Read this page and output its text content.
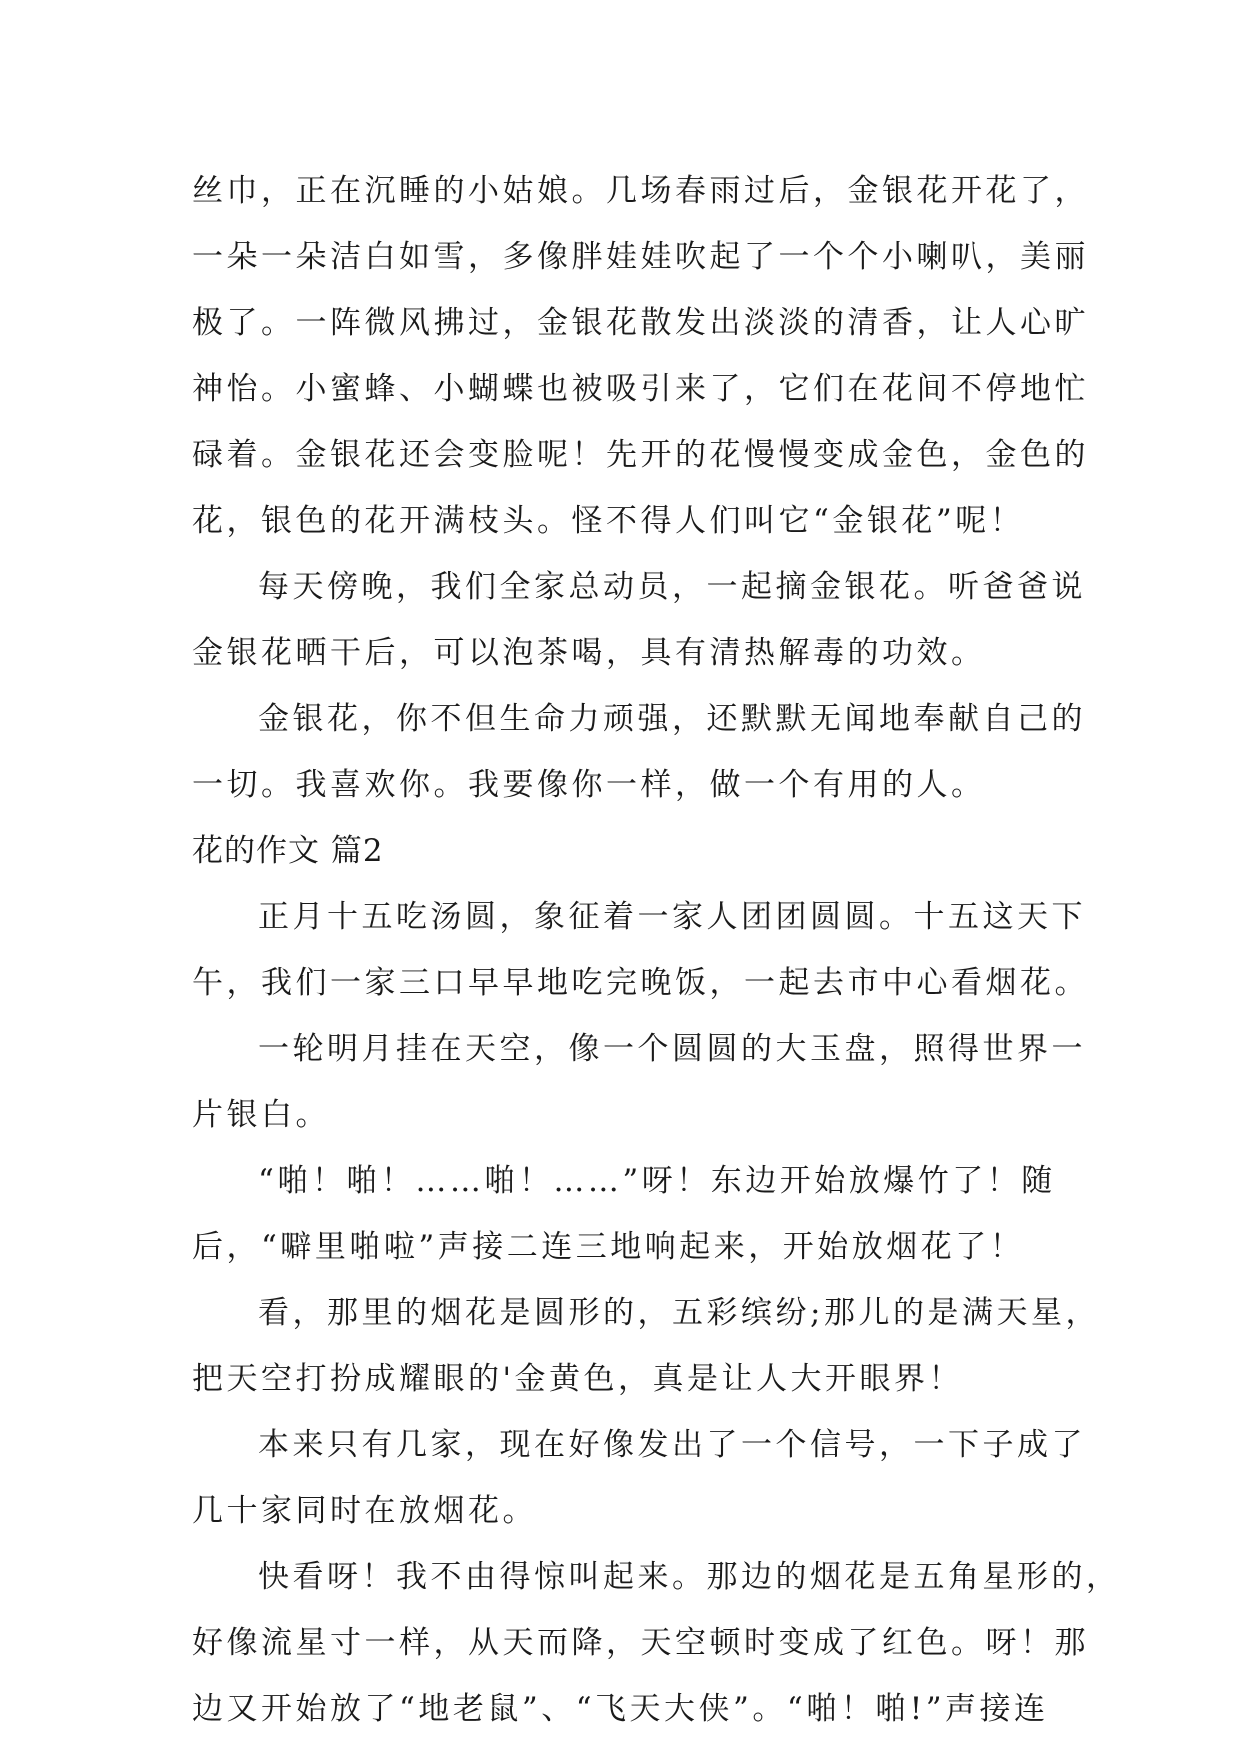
丝巾，正在沉睡的小姑娘。几场春雨过后，金银花开花了，
一朵一朵洁白如雪，多像胖娃娃吹起了一个个小喇叭，美丽
极了。一阵微风拂过，金银花散发出淡淡的清香，让人心旷
神怡。小蜜蜂、小蝴蝶也被吸引来了，它们在花间不停地忙
碌着。金银花还会变脸呢！先开的花慢慢变成金色，金色的
花，银色的花开满枝头。怪不得人们叫它“金银花”呢！
每天傍晚，我们全家总动员，一起摘金银花。听爸爸说
金银花晒干后，可以泡茶喝，具有清热解毒的功效。
金银花，你不但生命力顽强，还默默无闻地奉献自己的
一切。我喜欢你。我要像你一样，做一个有用的人。
花的作文 篇2
正月十五吃汤圆，象征着一家人团团圆圆。十五这天下
午，我们一家三口早早地吃完晚饭，一起去市中心看烟花。
一轮明月挂在天空，像一个圆圆的大玉盘，照得世界一
片银白。
“啪！啪！……啪！……”呀！东边开始放爆竹了！随
后，“噼里啪啦”声接二连三地响起来，开始放烟花了！
看，那里的烟花是圆形的，五彩缤纷;那儿的是满天星，
把天空打扮成耀眼的'金黄色，真是让人大开眼界！
本来只有几家，现在好像发出了一个信号，一下子成了
几十家同时在放烟花。
快看呀！我不由得惊叫起来。那边的烟花是五角星形的，
好像流星寸一样，从天而降，天空顿时变成了红色。呀！那
边又开始放了“地老鼠”、“飞天大侠”。“啪！啪!”声接连
